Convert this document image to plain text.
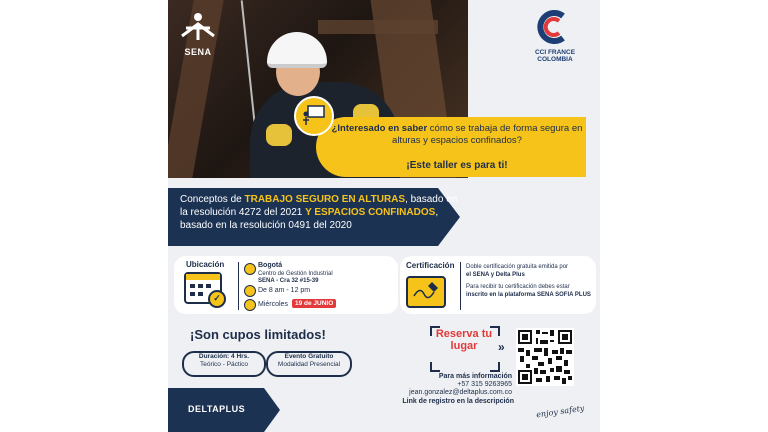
SENA	CCI FRANCE COLOMBIA
¿Interesado en saber cómo se trabaja de forma segura en alturas y espacios confinados?
¡Este taller es para ti!
Conceptos de TRABAJO SEGURO EN ALTURAS, basado en la resolución 4272 del 2021 Y ESPACIOS CONFINADOS, basado en la resolución 0491 del 2020
Ubicación
✓
Bogotá
Centro de Gestión Industrial
SENA - Cra 32 #15-39
De 8 am - 12 pm
Miércoles	19 de JUNIO
Certificación Doble certificación gratuita emitida por
el SENA y Delta Plus
Para recibir tu certificación debes estar
inscrito en la plataforma SENA SOFIA PLUS
¡Son cupos limitados!
Duración: 4 Hrs.
Teórico - Páctico
Evento Gratuito
Modalidad Presencial
DELTAPLUS
Reserva tu lugar	»
Para más información
+57 315 9263965
jean.gonzalez@deltaplus.com.co
Link de registro en la descripción
enjoy safety
